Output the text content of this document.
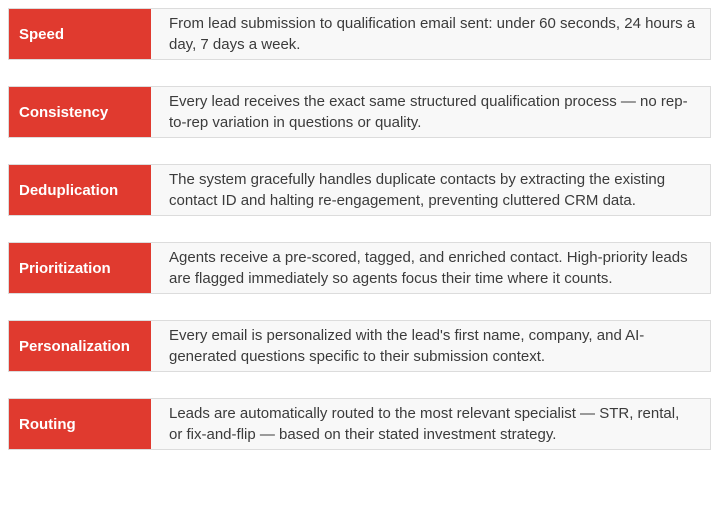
Speed
From lead submission to qualification email sent: under 60 seconds, 24 hours a day, 7 days a week.
Consistency
Every lead receives the exact same structured qualification process — no rep-to-rep variation in questions or quality.
Deduplication
The system gracefully handles duplicate contacts by extracting the existing contact ID and halting re-engagement, preventing cluttered CRM data.
Prioritization
Agents receive a pre-scored, tagged, and enriched contact. High-priority leads are flagged immediately so agents focus their time where it counts.
Personalization
Every email is personalized with the lead's first name, company, and AI-generated questions specific to their submission context.
Routing
Leads are automatically routed to the most relevant specialist — STR, rental, or fix-and-flip — based on their stated investment strategy.
